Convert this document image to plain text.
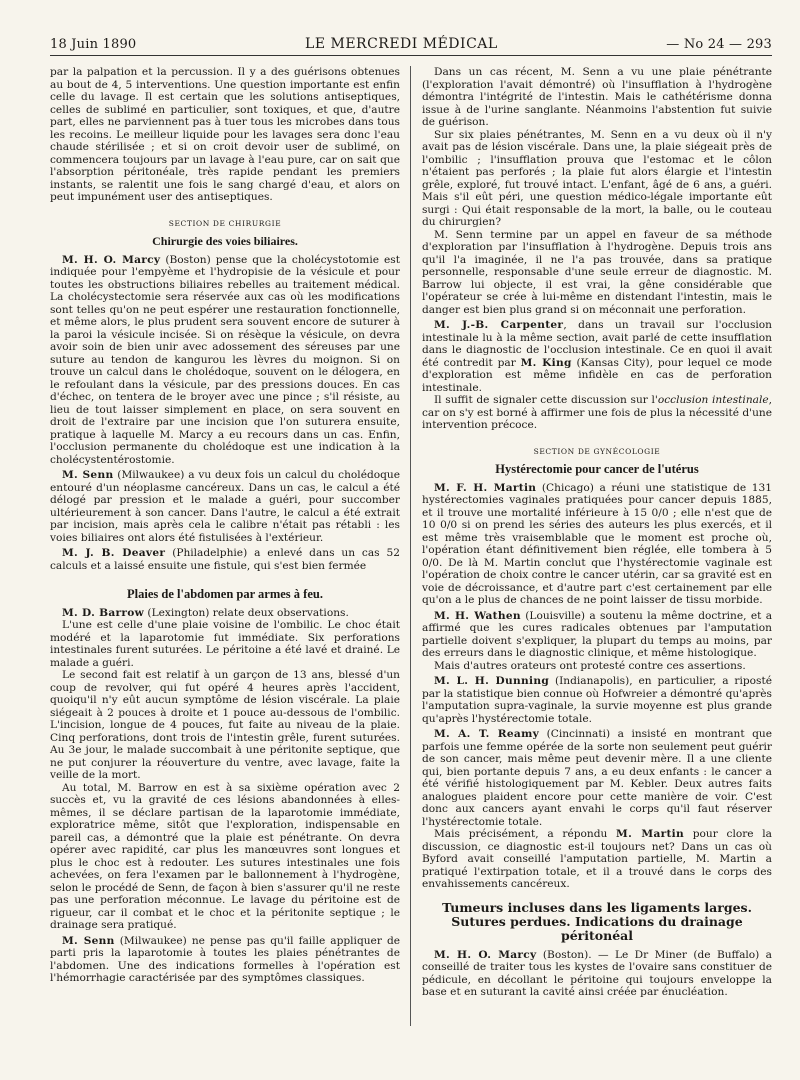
18 Juin 1890	LE MERCREDI MÉDICAL	— No 24 — 293

par la palpation et la percussion. Il y a des guérisons obtenues au bout de 4, 5 interventions. Une question importante est enfin celle du lavage. Il est certain que les solutions antiseptiques, celles de sublimé en particulier, sont toxiques, et que, d'autre part, elles ne parviennent pas à tuer tous les microbes dans tous les recoins. Le meilleur liquide pour les lavages sera donc l'eau chaude stérilisée ; et si on croit devoir user de sublimé, on commencera toujours par un lavage à l'eau pure, car on sait que l'absorption péritonéale, très rapide pendant les premiers instants, se ralentit une fois le sang chargé d'eau, et alors on peut impunément user des antiseptiques.

SECTION DE CHIRURGIE
Chirurgie des voies biliaires.

M. H. O. Marcy (Boston) pense que la cholécystotomie est indiquée pour l'empyème et l'hydropisie de la vésicule et pour toutes les obstructions biliaires rebelles au traitement médical. La cholécystectomie sera réservée aux cas où les modifications sont telles qu'on ne peut espérer une restauration fonctionnelle, et même alors, le plus prudent sera souvent encore de suturer à la paroi la vésicule incisée. Si on résèque la vésicule, on devra avoir soin de bien unir avec adossement des séreuses par une suture au tendon de kangurou les lèvres du moignon. Si on trouve un calcul dans le cholédoque, souvent on le délogera, en le refoulant dans la vésicule, par des pressions douces. En cas d'échec, on tentera de le broyer avec une pince ; s'il résiste, au lieu de tout laisser simplement en place, on sera souvent en droit de l'extraire par une incision que l'on suturera ensuite, pratique à laquelle M. Marcy a eu recours dans un cas. Enfin, l'occlusion permanente du cholédoque est une indication à la cholécystentérostomie.

M. Senn (Milwaukee) a vu deux fois un calcul du cholédoque entouré d'un néoplasme cancéreux. Dans un cas, le calcul a été délogé par pression et le malade a guéri, pour succomber ultérieurement à son cancer. Dans l'autre, le calcul a été extrait par incision, mais après cela le calibre n'était pas rétabli : les voies biliaires ont alors été fistulisées à l'extérieur.

M. J. B. Deaver (Philadelphie) a enlevé dans un cas 52 calculs et a laissé ensuite une fistule, qui s'est bien fermée

Plaies de l'abdomen par armes à feu.

M. D. Barrow (Lexington) relate deux observations.

L'une est celle d'une plaie voisine de l'ombilic. Le choc était modéré et la laparotomie fut immédiate. Six perforations intestinales furent suturées. Le péritoine a été lavé et drainé. Le malade a guéri.

Le second fait est relatif à un garçon de 13 ans, blessé d'un coup de revolver, qui fut opéré 4 heures après l'accident, quoiqu'il n'y eût aucun symptôme de lésion viscérale. La plaie siégeait à 2 pouces à droite et 1 pouce au-dessous de l'ombilic. L'incision, longue de 4 pouces, fut faite au niveau de la plaie. Cinq perforations, dont trois de l'intestin grêle, furent suturées. Au 3e jour, le malade succombait à une péritonite septique, que ne put conjurer la réouverture du ventre, avec lavage, faite la veille de la mort.

Au total, M. Barrow en est à sa sixième opération avec 2 succès et, vu la gravité de ces lésions abandonnées à elles-mêmes, il se déclare partisan de la laparotomie immédiate, exploratrice même, sitôt que l'exploration, indispensable en pareil cas, a démontré que la plaie est pénétrante. On devra opérer avec rapidité, car plus les manœuvres sont longues et plus le choc est à redouter. Les sutures intestinales une fois achevées, on fera l'examen par le ballonnement à l'hydrogène, selon le procédé de Senn, de façon à bien s'assurer qu'il ne reste pas une perforation méconnue. Le lavage du péritoine est de rigueur, car il combat et le choc et la péritonite septique ; le drainage sera pratiqué.

M. Senn (Milwaukee) ne pense pas qu'il faille appliquer de parti pris la laparotomie à toutes les plaies pénétrantes de l'abdomen. Une des indications formelles à l'opération est l'hémorrhagie caractérisée par des symptômes classiques.

Dans un cas récent, M. Senn a vu une plaie pénétrante (l'exploration l'avait démontré) où l'insufflation à l'hydrogène démontra l'intégrité de l'intestin. Mais le cathétérisme donna issue à de l'urine sanglante. Néanmoins l'abstention fut suivie de guérison.

Sur six plaies pénétrantes, M. Senn en a vu deux où il n'y avait pas de lésion viscérale. Dans une, la plaie siégeait près de l'ombilic ; l'insufflation prouva que l'estomac et le côlon n'étaient pas perforés ; la plaie fut alors élargie et l'intestin grêle, exploré, fut trouvé intact. L'enfant, âgé de 6 ans, a guéri. Mais s'il eût péri, une question médico-légale importante eût surgi : Qui était responsable de la mort, la balle, ou le couteau du chirurgien?

M. Senn termine par un appel en faveur de sa méthode d'exploration par l'insufflation à l'hydrogène. Depuis trois ans qu'il l'a imaginée, il ne l'a pas trouvée, dans sa pratique personnelle, responsable d'une seule erreur de diagnostic. M. Barrow lui objecte, il est vrai, la gêne considérable que l'opérateur se crée à lui-même en distendant l'intestin, mais le danger est bien plus grand si on méconnait une perforation.

M. J.-B. Carpenter, dans un travail sur l'occlusion intestinale lu à la même section, avait parlé de cette insufflation dans le diagnostic de l'occlusion intestinale. Ce en quoi il avait été contredit par M. King (Kansas City), pour lequel ce mode d'exploration est même infidèle en cas de perforation intestinale.

Il suffit de signaler cette discussion sur l'occlusion intestinale, car on s'y est borné à affirmer une fois de plus la nécessité d'une intervention précoce.

SECTION DE GYNÉCOLOGIE
Hystérectomie pour cancer de l'utérus

M. F. H. Martin (Chicago) a réuni une statistique de 131 hystérectomies vaginales pratiquées pour cancer depuis 1885, et il trouve une mortalité inférieure à 15 0/0 ; elle n'est que de 10 0/0 si on prend les séries des auteurs les plus exercés, et il est même très vraisemblable que le moment est proche où, l'opération étant définitivement bien réglée, elle tombera à 5 0/0. De là M. Martin conclut que l'hystérectomie vaginale est l'opération de choix contre le cancer utérin, car sa gravité est en voie de décroissance, et d'autre part c'est certainement par elle qu'on a le plus de chances de ne point laisser de tissu morbide.

M. H. Wathen (Louisville) a soutenu la même doctrine, et a affirmé que les cures radicales obtenues par l'amputation partielle doivent s'expliquer, la plupart du temps au moins, par des erreurs dans le diagnostic clinique, et même histologique.

Mais d'autres orateurs ont protesté contre ces assertions.

M. L. H. Dunning (Indianapolis), en particulier, a riposté par la statistique bien connue où Hofwreier a démontré qu'après l'amputation supra-vaginale, la survie moyenne est plus grande qu'après l'hystérectomie totale.

M. A. T. Reamy (Cincinnati) a insisté en montrant que parfois une femme opérée de la sorte non seulement peut guérir de son cancer, mais même peut devenir mère. Il a une cliente qui, bien portante depuis 7 ans, a eu deux enfants : le cancer a été vérifié histologiquement par M. Kebler. Deux autres faits analogues plaident encore pour cette manière de voir. C'est donc aux cancers ayant envahi le corps qu'il faut réserver l'hystérectomie totale.

Mais précisément, a répondu M. Martin pour clore la discussion, ce diagnostic est-il toujours net? Dans un cas où Byford avait conseillé l'amputation partielle, M. Martin a pratiqué l'extirpation totale, et il a trouvé dans le corps des envahissements cancéreux.

Tumeurs incluses dans les ligaments larges.
Sutures perdues. Indications du drainage péritonéal

M. H. O. Marcy (Boston). — Le Dr Miner (de Buffalo) a conseillé de traiter tous les kystes de l'ovaire sans constituer de pédicule, en décollant le péritoine qui toujours enveloppe la base et en suturant la cavité ainsi créée par énucléation.
